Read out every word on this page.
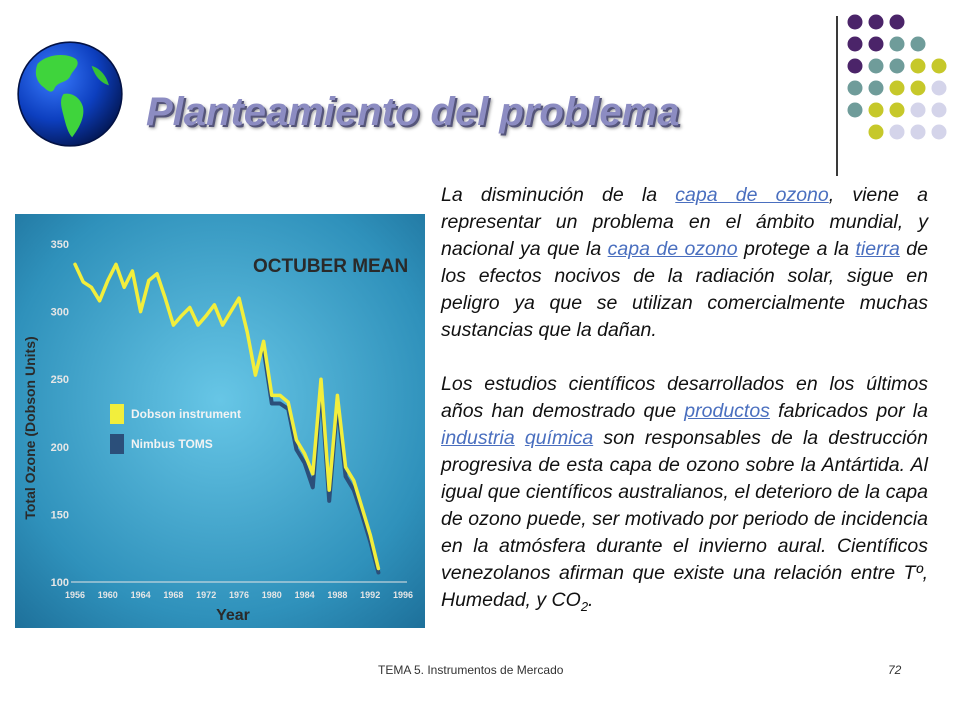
Planteamiento del problema
OCTUBER MEAN
Total Ozone (Dobson Units)
Year
100
150
200
250
300
350
1956 1960 1964 1968 1972 1976 1980 1984 1988 1992 1996
Dobson instrument
Nimbus TOMS

La disminución de la capa de ozono, viene a representar un problema en el ámbito mundial, y nacional ya que la capa de ozono protege a la tierra de los efectos nocivos de la radiación solar, sigue en peligro ya que se utilizan comercialmente muchas sustancias que la dañan.

Los estudios científicos desarrollados en los últimos años han demostrado que productos fabricados por la industria química son responsables de la destrucción progresiva de esta capa de ozono sobre la Antártida. Al igual que científicos australianos, el deterioro de la capa de ozono puede, ser motivado por periodo de incidencia en la atmósfera durante el invierno aural. Científicos venezolanos afirman que existe una relación entre Tº, Humedad, y $CO_2$.

TEMA 5. Instrumentos de Mercado	72
